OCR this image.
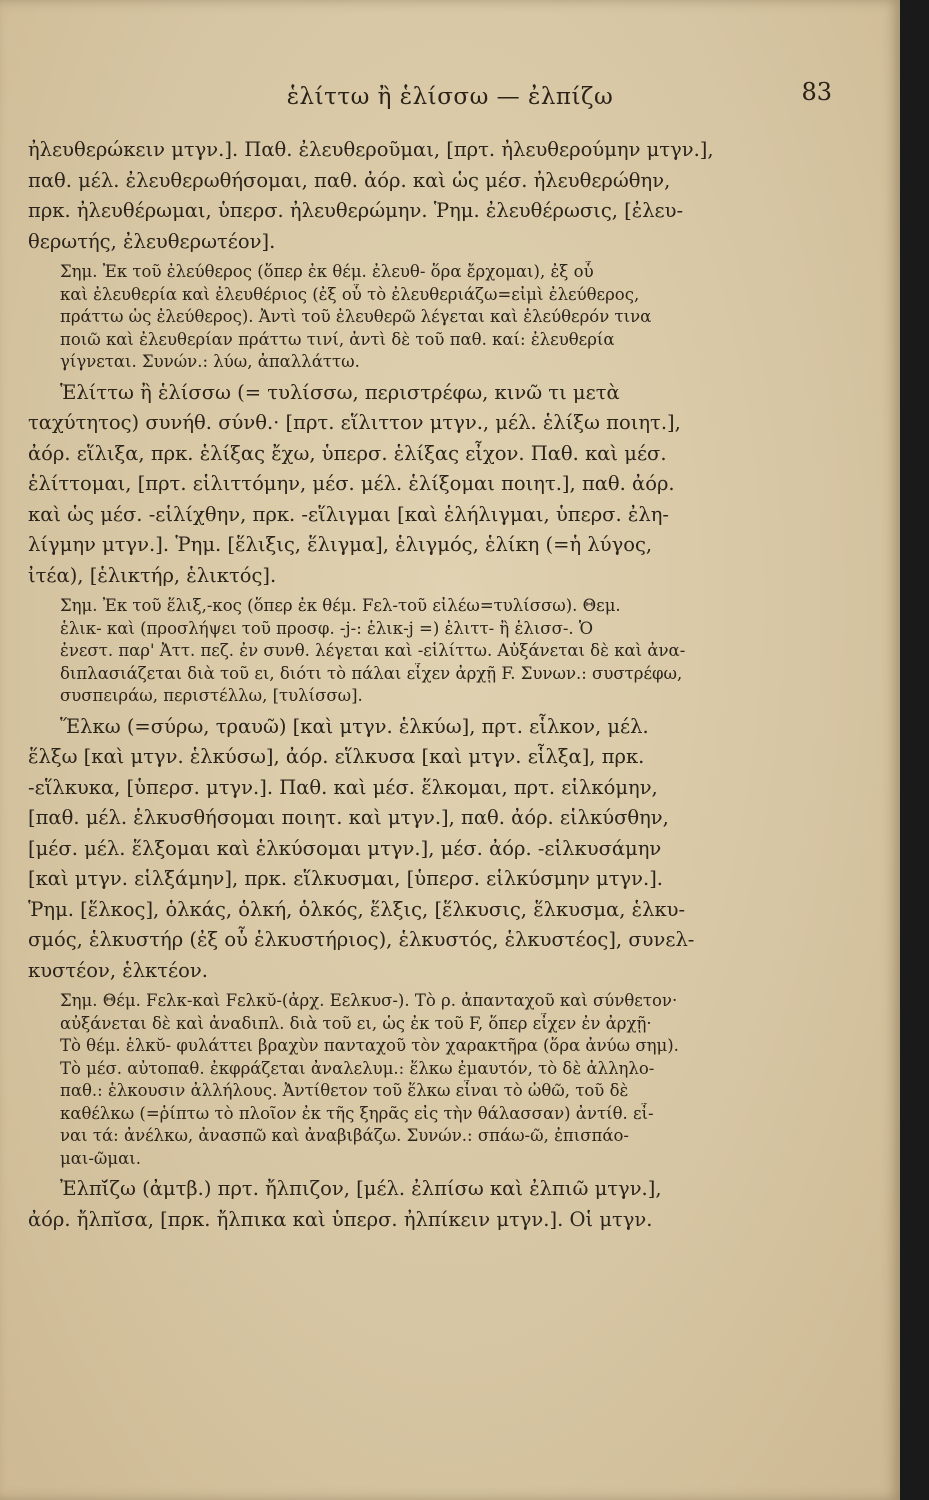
ἑλίττω ἢ ἑλίσσω — ἐλπίζω	83
ἠλευθερώκειν μτγν.]. Παθ. ἐλευθεροῦμαι, [πρτ. ἠλευθερούμην μτγν.],
παθ. μέλ. ἐλευθερωθήσομαι, παθ. ἀόρ. καὶ ὡς μέσ. ἠλευθερώθην,
πρκ. ἠλευθέρωμαι, ὑπερσ. ἠλευθερώμην. Ῥημ. ἐλευθέρωσις, [ἐλευ-
θερωτής, ἐλευθερωτέον].
Σημ. Ἐκ τοῦ ἐλεύθερος (ὅπερ ἐκ θέμ. ἐλευθ- ὅρα ἔρχομαι), ἐξ οὗ
καὶ ἐλευθερία καὶ ἐλευθέριος (ἐξ οὗ τὸ ἐλευθεριάζω=εἰμὶ ἐλεύθερος,
πράττω ὡς ἐλεύθερος). Ἀντὶ τοῦ ἐλευθερῶ λέγεται καὶ ἐλεύθερόν τινα
ποιῶ καὶ ἐλευθερίαν πράττω τινί, ἀντὶ δὲ τοῦ παθ. καί: ἐλευθερία
γίγνεται. Συνών.: λύω, ἀπαλλάττω.
Ἑλίττω ἢ ἑλίσσω (= τυλίσσω, περιστρέφω, κινῶ τι μετὰ
ταχύτητος) συνήθ. σύνθ.· [πρτ. εἵλιττον μτγν., μέλ. ἑλίξω ποιητ.],
ἀόρ. εἵλιξα, πρκ. ἑλίξας ἔχω, ὑπερσ. ἑλίξας εἶχον. Παθ. καὶ μέσ.
ἑλίττομαι, [πρτ. εἱλιττόμην, μέσ. μέλ. ἑλίξομαι ποιητ.], παθ. ἀόρ.
καὶ ὡς μέσ. -εἱλίχθην, πρκ. -εἵλιγμαι [καὶ ἑλήλιγμαι, ὑπερσ. ἐλη-
λίγμην μτγν.]. Ῥημ. [ἕλιξις, ἕλιγμα], ἑλιγμός, ἑλίκη (=ἡ λύγος,
ἰτέα), [ἑλικτήρ, ἑλικτός].
Σημ. Ἐκ τοῦ ἕλιξ,-κος (ὅπερ ἐκ θέμ. Fελ-τοῦ εἰλέω=τυλίσσω). Θεμ.
ἑλικ- καὶ (προσλήψει τοῦ προσφ. -j-: ἑλικ-j =) ἑλιττ- ἢ ἑλισσ-. Ὁ
ἐνεστ. παρ' Ἀττ. πεζ. ἐν συνθ. λέγεται καὶ -εἱλίττω. Αὐξάνεται δὲ καὶ ἀνα-
διπλασιάζεται διὰ τοῦ ει, διότι τὸ πάλαι εἶχεν ἀρχῇ F. Συνων.: συστρέφω,
συσπειράω, περιστέλλω, [τυλίσσω].
Ἕλκω (=σύρω, τραυῶ) [καὶ μτγν. ἑλκύω], πρτ. εἷλκον, μέλ.
ἕλξω [καὶ μτγν. ἑλκύσω], ἀόρ. εἵλκυσα [καὶ μτγν. εἷλξα], πρκ.
-εἵλκυκα, [ὑπερσ. μτγν.]. Παθ. καὶ μέσ. ἕλκομαι, πρτ. εἱλκόμην,
[παθ. μέλ. ἑλκυσθήσομαι ποιητ. καὶ μτγν.], παθ. ἀόρ. εἱλκύσθην,
[μέσ. μέλ. ἕλξομαι καὶ ἑλκύσομαι μτγν.], μέσ. ἀόρ. -εἱλκυσάμην
[καὶ μτγν. εἱλξάμην], πρκ. εἵλκυσμαι, [ὑπερσ. εἱλκύσμην μτγν.].
Ῥημ. [ἕλκος], ὁλκάς, ὁλκή, ὁλκός, ἕλξις, [ἕλκυσις, ἕλκυσμα, ἑλκυ-
σμός, ἑλκυστήρ (ἐξ οὗ ἑλκυστήριος), ἑλκυστός, ἑλκυστέος], συνελ-
κυστέον, ἑλκτέον.
Σημ. Θέμ. Fελκ-καὶ Fελκῠ-(ἀρχ. Εελκυσ-). Τὸ ρ. ἀπανταχοῦ καὶ σύνθετον·
αὐξάνεται δὲ καὶ ἀναδιπλ. διὰ τοῦ ει, ὡς ἐκ τοῦ F, ὅπερ εἶχεν ἐν ἀρχῇ·
Τὸ θέμ. ἑλκῠ- φυλάττει βραχὺν πανταχοῦ τὸν χαρακτῆρα (ὅρα ἀνύω σημ).
Τὸ μέσ. αὐτοπαθ. ἐκφράζεται ἀναλελυμ.: ἕλκω ἐμαυτόν, τὸ δὲ ἀλληλο-
παθ.: ἑλκουσιν ἀλλήλους. Ἀντίθετον τοῦ ἕλκω εἶναι τὸ ὠθῶ, τοῦ δὲ
καθέλκω (=ῥίπτω τὸ πλοῖον ἐκ τῆς ξηρᾶς εἰς τὴν θάλασσαν) ἀντίθ. εἶ-
ναι τά: ἀνέλκω, ἀνασπῶ καὶ ἀναβιβάζω. Συνών.: σπάω-ῶ, ἐπισπάο-
μαι-ῶμαι.
Ἐλπί̆ζω (ἀμτβ.) πρτ. ἤλπιζον, [μέλ. ἐλπίσω καὶ ἐλπιῶ μτγν.],
ἀόρ. ἤλπῐσα, [πρκ. ἤλπικα καὶ ὑπερσ. ἠλπίκειν μτγν.]. Οἱ μτγν.
